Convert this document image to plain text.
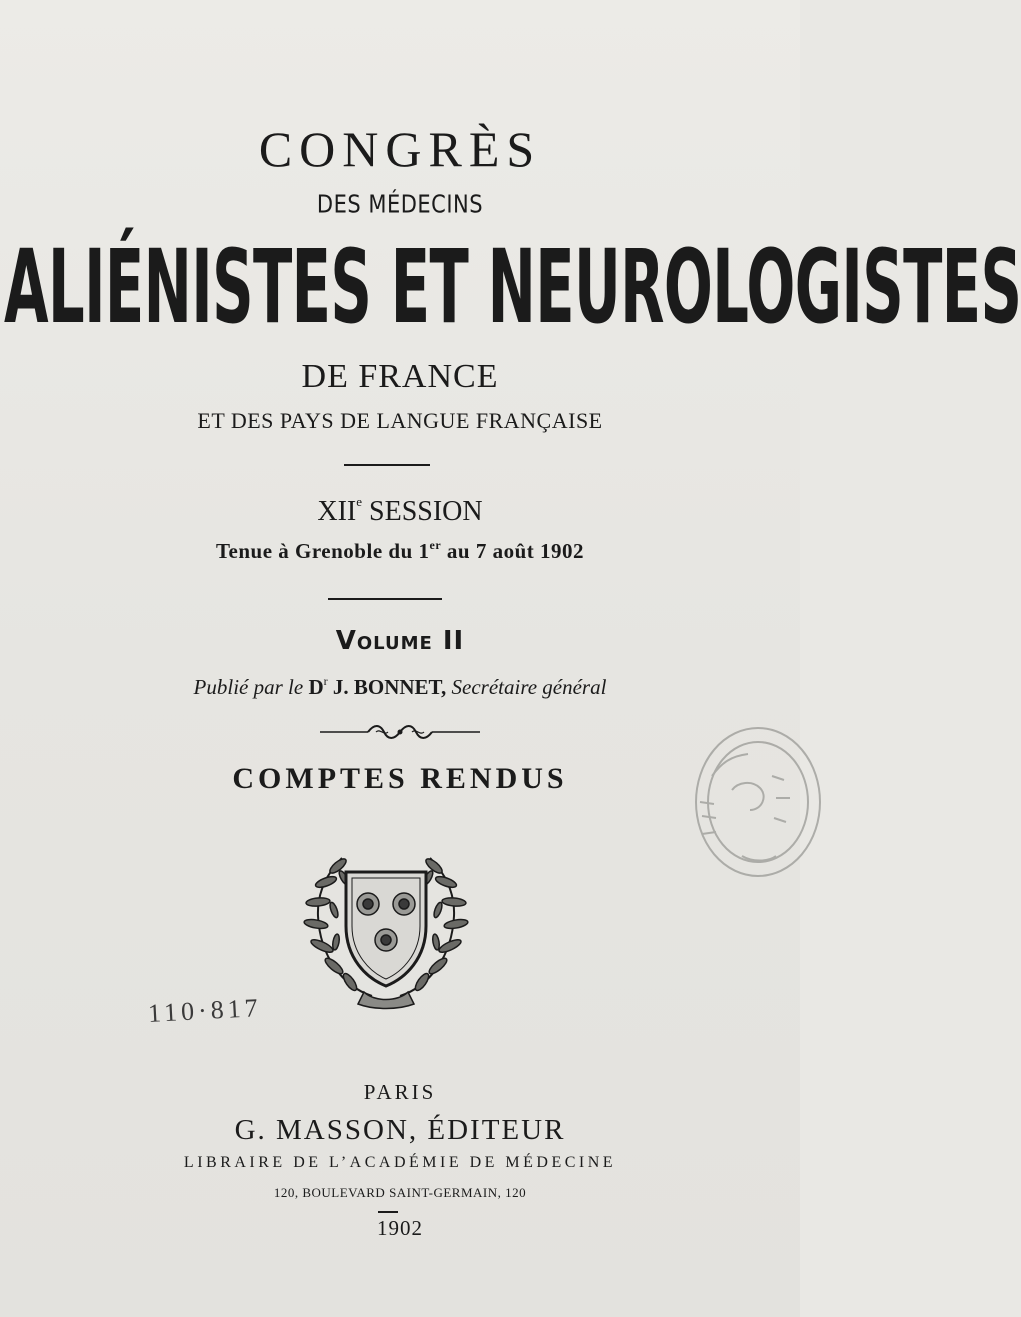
CONGRÈS
DES MÉDECINS
ALIÉNISTES ET NEUROLOGISTES
DE FRANCE
ET DES PAYS DE LANGUE FRANÇAISE
XIIe SESSION
Tenue à Grenoble du 1er au 7 août 1902
Volume II
Publié par le $D^r$ J. BONNET, Secrétaire général
COMPTES RENDUS
110·817
PARIS
G. MASSON, ÉDITEUR
LIBRAIRE DE L’ACADÉMIE DE MÉDECINE
120, BOULEVARD SAINT-GERMAIN, 120
1902
